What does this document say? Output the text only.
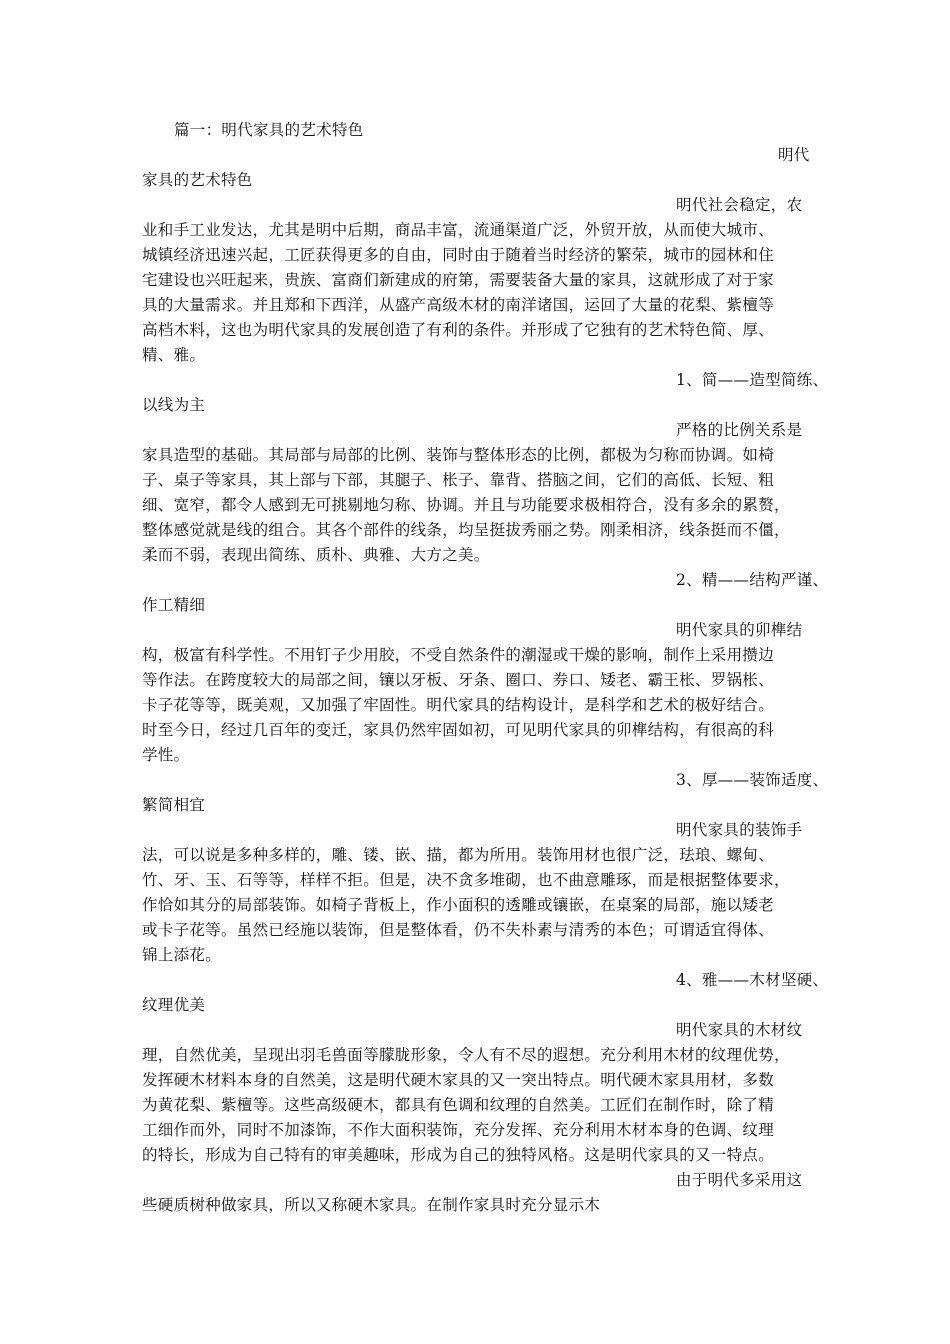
篇一：明代家具的艺术特色
明代
家具的艺术特色
明代社会稳定，农
业和手工业发达，尤其是明中后期，商品丰富，流通渠道广泛，外贸开放，从而使大城市、
城镇经济迅速兴起，工匠获得更多的自由，同时由于随着当时经济的繁荣，城市的园林和住
宅建设也兴旺起来，贵族、富商们新建成的府第，需要装备大量的家具，这就形成了对于家
具的大量需求。并且郑和下西洋，从盛产高级木材的南洋诸国，运回了大量的花梨、紫檀等
高档木料，这也为明代家具的发展创造了有利的条件。并形成了它独有的艺术特色简、厚、
精、雅。
1、简——造型简练、
以线为主
严格的比例关系是
家具造型的基础。其局部与局部的比例、装饰与整体形态的比例，都极为匀称而协调。如椅
子、桌子等家具，其上部与下部，其腿子、枨子、靠背、搭脑之间，它们的高低、长短、粗
细、宽窄，都令人感到无可挑剔地匀称、协调。并且与功能要求极相符合，没有多余的累赘，
整体感觉就是线的组合。其各个部件的线条，均呈挺拔秀丽之势。刚柔相济，线条挺而不僵，
柔而不弱，表现出简练、质朴、典雅、大方之美。
2、精——结构严谨、
作工精细
明代家具的卯榫结
构，极富有科学性。不用钉子少用胶，不受自然条件的潮湿或干燥的影响，制作上采用攒边
等作法。在跨度较大的局部之间，镶以牙板、牙条、圈口、券口、矮老、霸王枨、罗锅枨、
卡子花等等，既美观，又加强了牢固性。明代家具的结构设计，是科学和艺术的极好结合。
时至今日，经过几百年的变迁，家具仍然牢固如初，可见明代家具的卯榫结构，有很高的科
学性。
3、厚——装饰适度、
繁简相宜
明代家具的装饰手
法，可以说是多种多样的，雕、镂、嵌、描，都为所用。装饰用材也很广泛，珐琅、螺甸、
竹、牙、玉、石等等，样样不拒。但是，决不贪多堆砌，也不曲意雕琢，而是根据整体要求，
作恰如其分的局部装饰。如椅子背板上，作小面积的透雕或镶嵌，在桌案的局部，施以矮老
或卡子花等。虽然已经施以装饰，但是整体看，仍不失朴素与清秀的本色；可谓适宜得体、
锦上添花。
4、雅——木材坚硬、
纹理优美
明代家具的木材纹
理，自然优美，呈现出羽毛兽面等朦胧形象，令人有不尽的遐想。充分利用木材的纹理优势，
发挥硬木材料本身的自然美，这是明代硬木家具的又一突出特点。明代硬木家具用材，多数
为黄花梨、紫檀等。这些高级硬木，都具有色调和纹理的自然美。工匠们在制作时，除了精
工细作而外，同时不加漆饰，不作大面积装饰，充分发挥、充分利用木材本身的色调、纹理
的特长，形成为自己特有的审美趣味，形成为自己的独特风格。这是明代家具的又一特点。
由于明代多采用这
些硬质树种做家具，所以又称硬木家具。在制作家具时充分显示木
